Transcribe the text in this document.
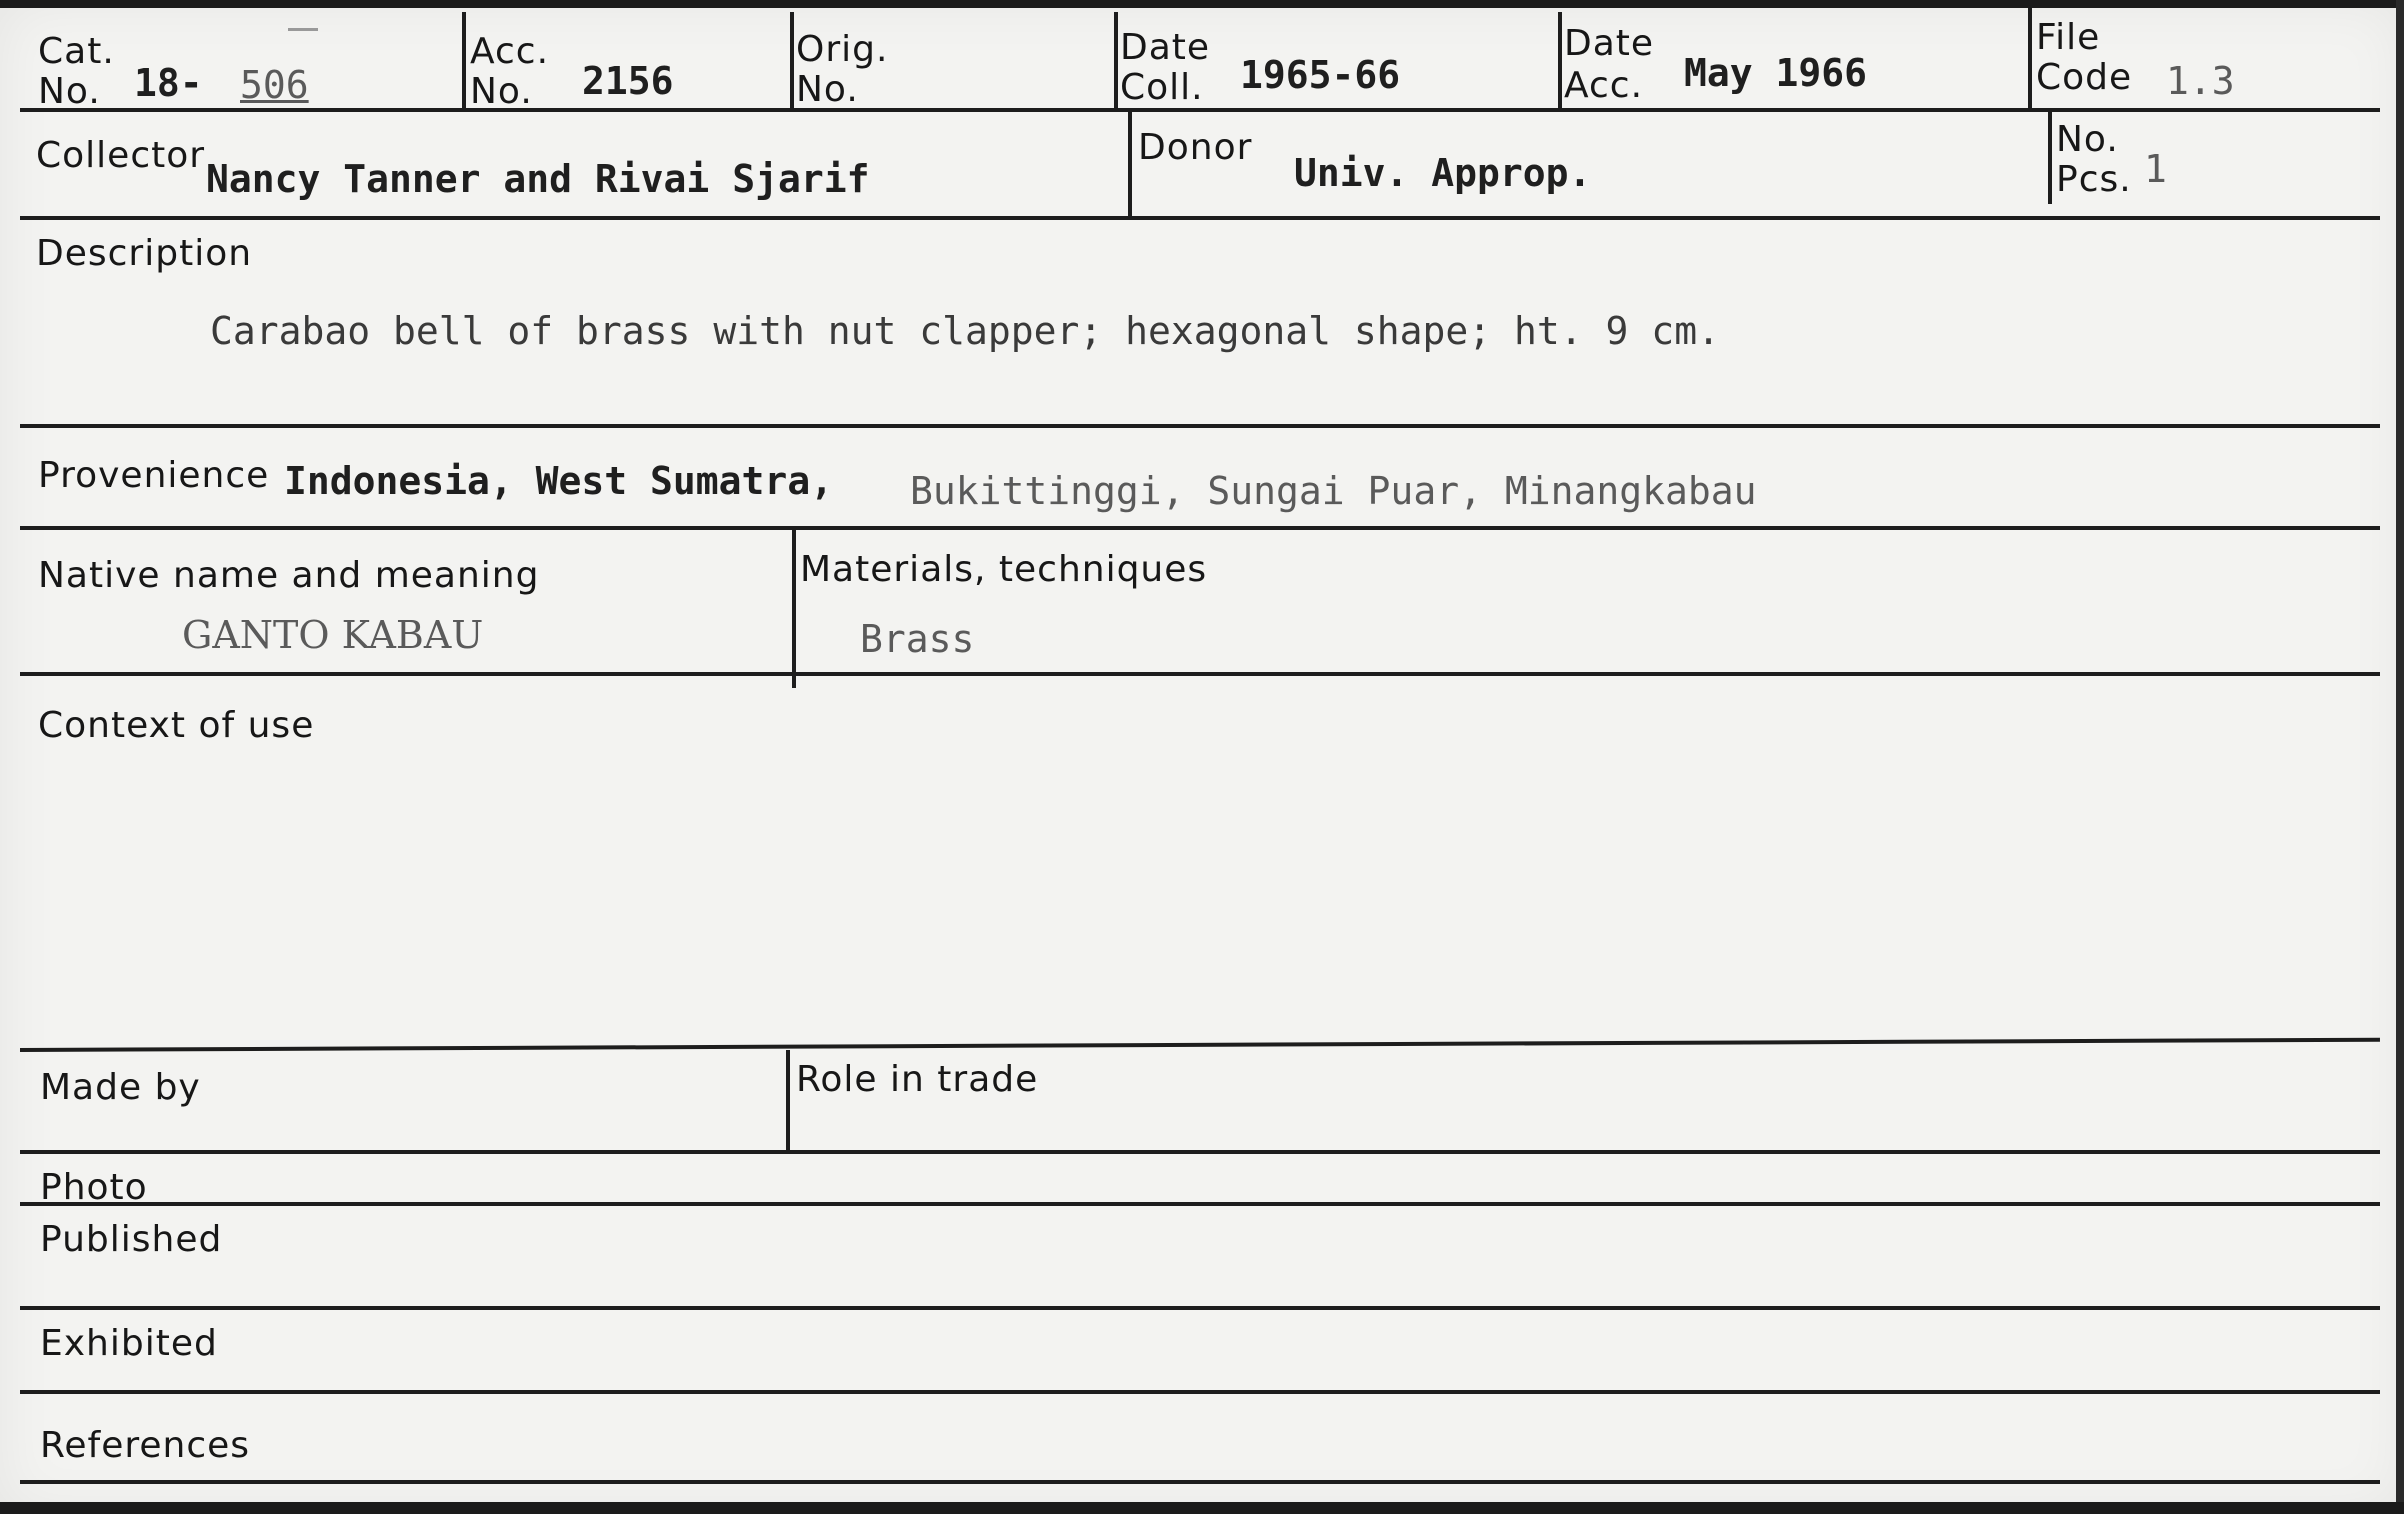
Cat.
No. 18- 506
Acc.
No. 2156
Orig.
No.
Date
Coll. 1965-66
Date
Acc. May 1966
File
Code 1.3
Collector
Nancy Tanner and Rivai Sjarif
Donor
Univ. Approp.
No.
Pcs. 1
Description
Carabao bell of brass with nut clapper; hexagonal shape; ht. 9 cm.
Provenience Indonesia, West Sumatra, Bukittinggi, Sungai Puar, Minangkabau
Native name and meaning
GANTO KABAU
Materials, techniques
Brass
Context of use
Made by	Role in trade
Photo
Published
Exhibited
References
